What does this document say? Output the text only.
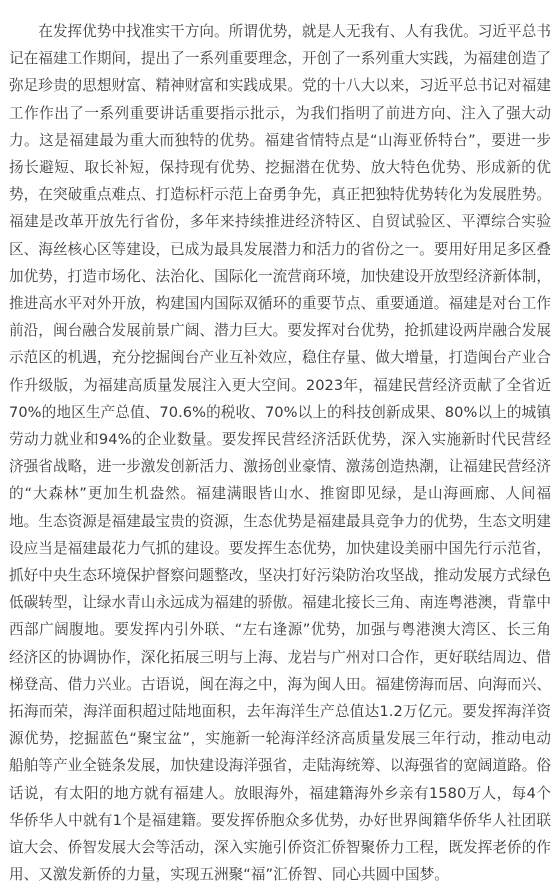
在发挥优势中找准实干方向。所谓优势，就是人无我有、人有我优。习近平总书记在福建工作期间，提出了一系列重要理念，开创了一系列重大实践，为福建创造了弥足珍贵的思想财富、精神财富和实践成果。党的十八大以来，习近平总书记对福建工作作出了一系列重要讲话重要指示批示，为我们指明了前进方向、注入了强大动力。这是福建最为重大而独特的优势。福建省情特点是“山海亚侨特台”，要进一步扬长避短、取长补短，保持现有优势、挖掘潜在优势、放大特色优势、形成新的优势，在突破重点难点、打造标杆示范上奋勇争先，真正把独特优势转化为发展胜势。福建是改革开放先行省份，多年来持续推进经济特区、自贸试验区、平潭综合实验区、海丝核心区等建设，已成为最具发展潜力和活力的省份之一。要用好用足多区叠加优势，打造市场化、法治化、国际化一流营商环境，加快建设开放型经济新体制，推进高水平对外开放，构建国内国际双循环的重要节点、重要通道。福建是对台工作前沿，闽台融合发展前景广阔、潜力巨大。要发挥对台优势，抢抓建设两岸融合发展示范区的机遇，充分挖掘闽台产业互补效应，稳住存量、做大增量，打造闽台产业合作升级版，为福建高质量发展注入更大空间。2023年，福建民营经济贡献了全省近70%的地区生产总值、70.6%的税收、70%以上的科技创新成果、80%以上的城镇劳动力就业和94%的企业数量。要发挥民营经济活跃优势，深入实施新时代民营经济强省战略，进一步激发创新活力、激扬创业豪情、激荡创造热潮，让福建民营经济的“大森林”更加生机盎然。福建满眼皆山水、推窗即见绿，是山海画廊、人间福地。生态资源是福建最宝贵的资源，生态优势是福建最具竞争力的优势，生态文明建设应当是福建最花力气抓的建设。要发挥生态优势，加快建设美丽中国先行示范省，抓好中央生态环境保护督察问题整改，坚决打好污染防治攻坚战，推动发展方式绿色低碳转型，让绿水青山永远成为福建的骄傲。福建北接长三角、南连粤港澳，背靠中西部广阔腹地。要发挥内引外联、“左右逢源”优势，加强与粤港澳大湾区、长三角经济区的协调协作，深化拓展三明与上海、龙岩与广州对口合作，更好联结周边、借梯登高、借力兴业。古语说，闽在海之中，海为闽人田。福建傍海而居、向海而兴、拓海而荣，海洋面积超过陆地面积，去年海洋生产总值达1.2万亿元。要发挥海洋资源优势，挖掘蓝色“聚宝盆”，实施新一轮海洋经济高质量发展三年行动，推动电动船舶等产业全链条发展，加快建设海洋强省，走陆海统筹、以海强省的宽阔道路。俗话说，有太阳的地方就有福建人。放眼海外，福建籍海外乡亲有1580万人，每4个华侨华人中就有1个是福建籍。要发挥侨胞众多优势，办好世界闽籍华侨华人社团联谊大会、侨智发展大会等活动，深入实施引侨资汇侨智聚侨力工程，既发挥老侨的作用、又激发新侨的力量，实现五洲聚“福”汇侨智、同心共圆中国梦。
